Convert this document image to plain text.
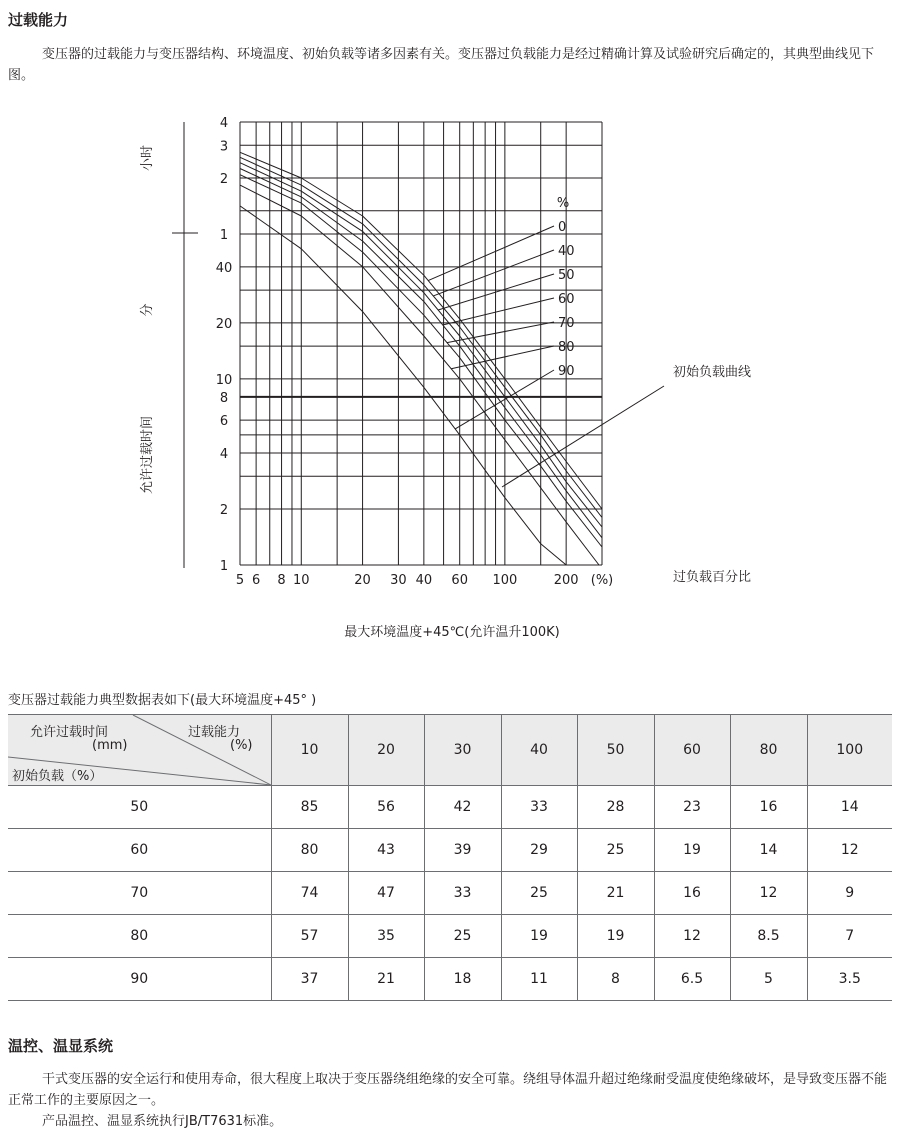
过载能力

变压器的过载能力与变压器结构、环境温度、初始负载等诸多因素有关。变压器过负载能力是经过精确计算及试验研究后确定的，其典型曲线见下图。

小时
分
允许过载时间
1
2
4
6
8
10
20
40
1
2
3
4
5 6 8 10	20 30 40 60 100	200 (%)	过负载百分比
%
0
40
50
60
70
80
90	初始负载曲线
最大环境温度+45℃(允许温升100K)

变压器过载能力典型数据表如下(最大环境温度+45° )

允许过载时间
(mm)
过载能力
(%)
初始负载（%）	10	20	30	40	50	60	80	100
50	85	56	42	33	28	23	16	14
60	80	43	39	29	25	19	14	12
70	74	47	33	25	21	16	12	9
80	57	35	25	19	19	12	8.5	7
90	37	21	18	11	8	6.5	5	3.5
温控、温显系统

干式变压器的安全运行和使用寿命，很大程度上取决于变压器绕组绝缘的安全可靠。绕组导体温升超过绝缘耐受温度使绝缘破坏，是导致变压器不能正常工作的主要原因之一。

产品温控、温显系统执行JB/T7631标准。
